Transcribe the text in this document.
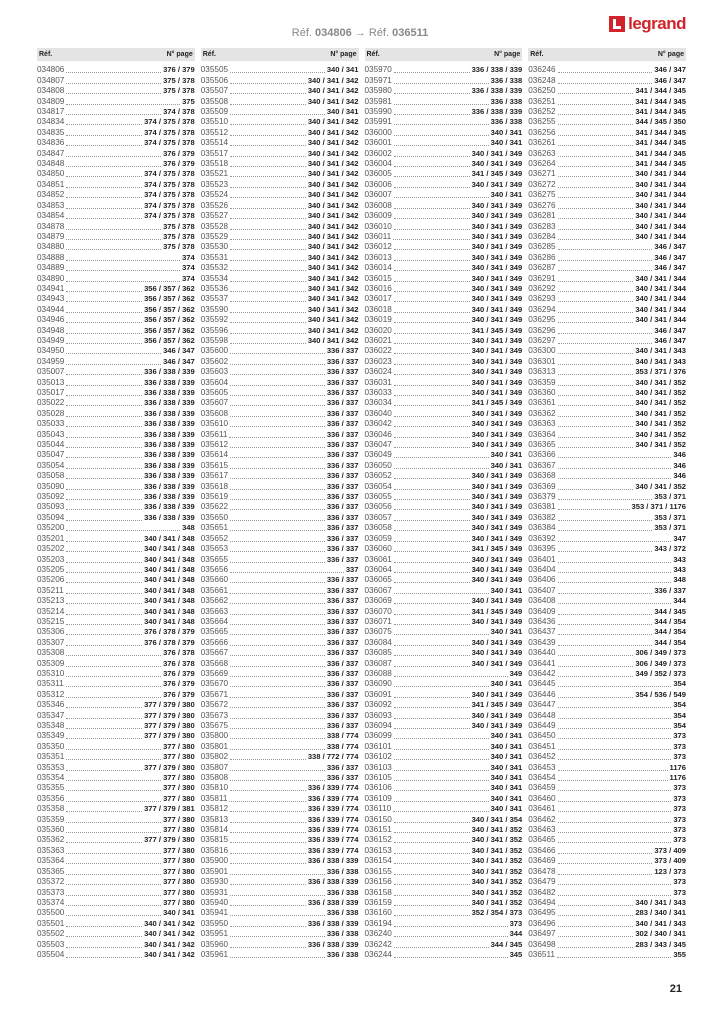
legrand
Réf. 034806 → Réf. 036511
Réf.	N° page
034806	376 / 379
034807	375 / 378
034808	375 / 378
034809	375
034817	374 / 378
034834	374 / 375 / 378
034835	374 / 375 / 378
034836	374 / 375 / 378
034847	376 / 379
034848	376 / 379
034850	374 / 375 / 378
034851	374 / 375 / 378
034852	374 / 375 / 378
034853	374 / 375 / 378
034854	374 / 375 / 378
034878	375 / 378
034879	375 / 378
034880	375 / 378
034888	374
034889	374
034890	374
034941	356 / 357 / 362
034943	356 / 357 / 362
034944	356 / 357 / 362
034946	356 / 357 / 362
034948	356 / 357 / 362
034949	356 / 357 / 362
034950	346 / 347
034959	346 / 347
035007	336 / 338 / 339
035013	336 / 338 / 339
035017	336 / 338 / 339
035022	336 / 338 / 339
035028	336 / 338 / 339
035033	336 / 338 / 339
035043	336 / 338 / 339
035044	336 / 338 / 339
035047	336 / 338 / 339
035054	336 / 338 / 339
035058	336 / 338 / 339
035090	336 / 338 / 339
035092	336 / 338 / 339
035093	336 / 338 / 339
035094	336 / 338 / 339
035200	348
035201	340 / 341 / 348
035202	340 / 341 / 348
035203	340 / 341 / 348
035205	340 / 341 / 348
035206	340 / 341 / 348
035211	340 / 341 / 348
035213	340 / 341 / 348
035214	340 / 341 / 348
035215	340 / 341 / 348
035306	376 / 378 / 379
035307	376 / 378 / 379
035308	376 / 378
035309	376 / 378
035310	376 / 379
035311	376 / 379
035312	376 / 379
035346	377 / 379 / 380
035347	377 / 379 / 380
035348	377 / 379 / 380
035349	377 / 379 / 380
035350	377 / 380
035351	377 / 380
035353	377 / 379 / 380
035354	377 / 380
035355	377 / 380
035356	377 / 380
035358	377 / 379 / 381
035359	377 / 380
035360	377 / 380
035362	377 / 379 / 380
035363	377 / 380
035364	377 / 380
035365	377 / 380
035372	377 / 380
035373	377 / 380
035374	377 / 380
035500	340 / 341
035501	340 / 341 / 342
035502	340 / 341 / 342
035503	340 / 341 / 342
035504	340 / 341 / 342
Réf.	N° page
035505	340 / 341
035506	340 / 341 / 342
035507	340 / 341 / 342
035508	340 / 341 / 342
035509	340 / 341
035510	340 / 341 / 342
035512	340 / 341 / 342
035514	340 / 341 / 342
035517	340 / 341 / 342
035518	340 / 341 / 342
035521	340 / 341 / 342
035523	340 / 341 / 342
035524	340 / 341 / 342
035526	340 / 341 / 342
035527	340 / 341 / 342
035528	340 / 341 / 342
035529	340 / 341 / 342
035530	340 / 341 / 342
035531	340 / 341 / 342
035532	340 / 341 / 342
035534	340 / 341 / 342
035536	340 / 341 / 342
035537	340 / 341 / 342
035590	340 / 341 / 342
035592	340 / 341 / 342
035596	340 / 341 / 342
035598	340 / 341 / 342
035600	336 / 337
035602	336 / 337
035603	336 / 337
035604	336 / 337
035605	336 / 337
035607	336 / 337
035608	336 / 337
035610	336 / 337
035611	336 / 337
035612	336 / 337
035614	336 / 337
035615	336 / 337
035617	336 / 337
035618	336 / 337
035619	336 / 337
035622	336 / 337
035650	336 / 337
035651	336 / 337
035652	336 / 337
035653	336 / 337
035655	336 / 337
035656	337
035660	336 / 337
035661	336 / 337
035662	336 / 337
035663	336 / 337
035664	336 / 337
035665	336 / 337
035666	336 / 337
035667	336 / 337
035668	336 / 337
035669	336 / 337
035670	336 / 337
035671	336 / 337
035672	336 / 337
035673	336 / 337
035675	336 / 337
035800	338 / 774
035801	338 / 774
035802	338 / 772 / 774
035807	336 / 337
035808	336 / 337
035810	336 / 339 / 774
035811	336 / 339 / 774
035812	336 / 339 / 774
035813	336 / 339 / 774
035814	336 / 339 / 774
035815	336 / 339 / 774
035816	336 / 339 / 774
035900	336 / 338 / 339
035901	336 / 338
035930	336 / 338 / 339
035931	336 / 338
035940	336 / 338 / 339
035941	336 / 338
035950	336 / 338 / 339
035951	336 / 338
035960	336 / 338 / 339
035961	336 / 338
Réf.	N° page
035970	336 / 338 / 339
035971	336 / 338
035980	336 / 338 / 339
035981	336 / 338
035990	336 / 338 / 339
035991	336 / 338
036000	340 / 341
036001	340 / 341
036002	340 / 341 / 349
036004	340 / 341 / 349
036005	341 / 345 / 349
036006	340 / 341 / 349
036007	340 / 341
036008	340 / 341 / 349
036009	340 / 341 / 349
036010	340 / 341 / 349
036011	340 / 341 / 349
036012	340 / 341 / 349
036013	340 / 341 / 349
036014	340 / 341 / 349
036015	340 / 341 / 349
036016	340 / 341 / 349
036017	340 / 341 / 349
036018	340 / 341 / 349
036019	340 / 341 / 349
036020	341 / 345 / 349
036021	340 / 341 / 349
036022	340 / 341 / 349
036023	340 / 341 / 349
036024	340 / 341 / 349
036031	340 / 341 / 349
036033	340 / 341 / 349
036034	341 / 345 / 349
036040	340 / 341 / 349
036042	340 / 341 / 349
036046	340 / 341 / 349
036047	340 / 341 / 349
036049	340 / 341
036050	340 / 341
036052	340 / 341 / 349
036054	340 / 341 / 349
036055	340 / 341 / 349
036056	340 / 341 / 349
036057	340 / 341 / 349
036058	340 / 341 / 349
036059	340 / 341 / 349
036060	341 / 345 / 349
036061	340 / 341 / 349
036064	340 / 341 / 349
036065	340 / 341 / 349
036067	340 / 341
036069	340 / 341 / 349
036070	341 / 345 / 349
036071	340 / 341 / 349
036075	340 / 341
036084	340 / 341 / 349
036085	340 / 341 / 349
036087	340 / 341 / 349
036088	349
036090	340 / 341
036091	340 / 341 / 349
036092	341 / 345 / 349
036093	340 / 341 / 349
036094	340 / 341 / 349
036099	340 / 341
036101	340 / 341
036102	340 / 341
036103	340 / 341
036105	340 / 341
036106	340 / 341
036109	340 / 341
036110	340 / 341
036150	340 / 341 / 354
036151	340 / 341 / 352
036152	340 / 341 / 352
036153	340 / 341 / 352
036154	340 / 341 / 352
036155	340 / 341 / 352
036156	340 / 341 / 352
036158	340 / 341 / 352
036159	340 / 341 / 352
036160	352 / 354 / 373
036194	373
036240	344
036242	344 / 345
036244	345
Réf.	N° page
036246	346 / 347
036248	346 / 347
036250	341 / 344 / 345
036251	341 / 344 / 345
036252	341 / 344 / 345
036255	344 / 345 / 350
036256	341 / 344 / 345
036261	341 / 344 / 345
036263	341 / 344 / 345
036264	341 / 344 / 345
036271	340 / 341 / 344
036272	340 / 341 / 344
036275	340 / 341 / 344
036276	340 / 341 / 344
036281	340 / 341 / 344
036283	340 / 341 / 344
036284	340 / 341 / 344
036285	346 / 347
036286	346 / 347
036287	346 / 347
036291	340 / 341 / 344
036292	340 / 341 / 344
036293	340 / 341 / 344
036294	340 / 341 / 344
036295	340 / 341 / 344
036296	346 / 347
036297	346 / 347
036300	340 / 341 / 343
036301	340 / 341 / 343
036313	353 / 371 / 376
036359	340 / 341 / 352
036360	340 / 341 / 352
036361	340 / 341 / 352
036362	340 / 341 / 352
036363	340 / 341 / 352
036364	340 / 341 / 352
036365	340 / 341 / 352
036366	346
036367	346
036368	346
036369	340 / 341 / 352
036379	353 / 371
036381	353 / 371 / 1176
036382	353 / 371
036384	353 / 371
036392	347
036395	343 / 372
036401	343
036404	343
036406	348
036407	336 / 337
036408	344
036409	344 / 345
036436	344 / 354
036437	344 / 354
036439	344 / 354
036440	306 / 349 / 373
036441	306 / 349 / 373
036442	349 / 352 / 373
036445	354
036446	354 / 536 / 549
036447	354
036448	354
036449	354
036450	373
036451	373
036452	373
036453	1176
036454	1176
036459	373
036460	373
036461	373
036462	373
036463	373
036465	373
036466	373 / 409
036469	373 / 409
036478	123 / 373
036479	373
036482	373
036494	340 / 341 / 343
036495	283 / 340 / 341
036496	340 / 341 / 343
036497	302 / 340 / 341
036498	283 / 343 / 345
036511	355
21
